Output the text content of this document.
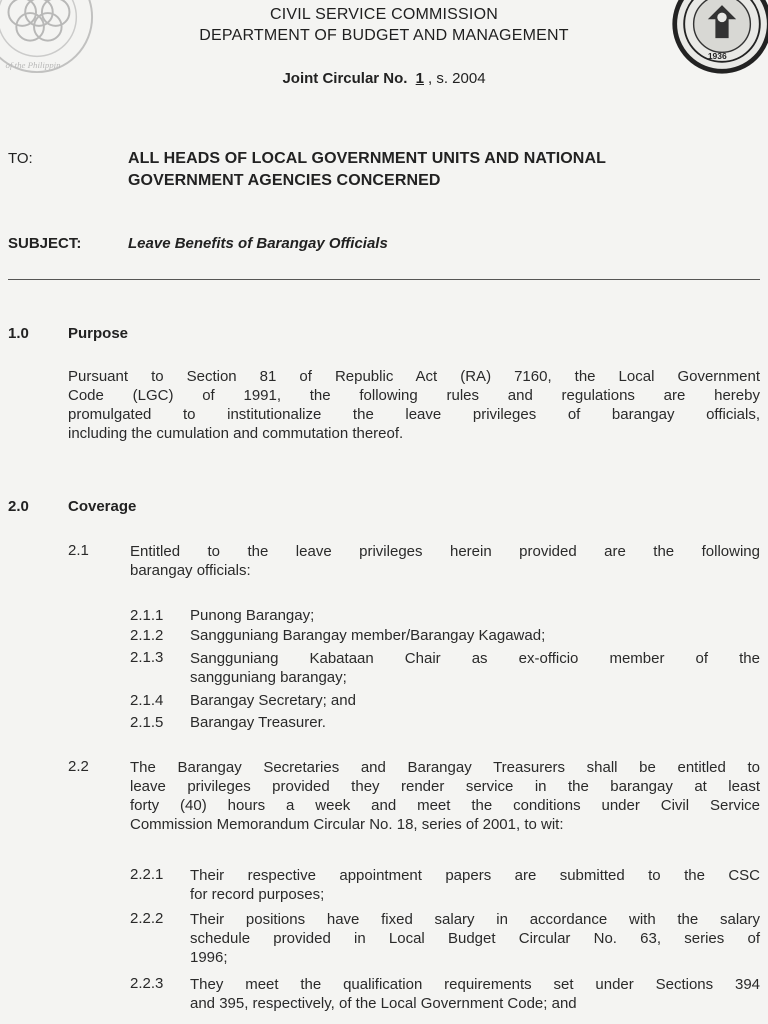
of the Philippin
1936
CIVIL SERVICE COMMISSION
DEPARTMENT OF BUDGET AND MANAGEMENT
Joint Circular No. 1 , s. 2004
TO:	ALL HEADS OF LOCAL GOVERNMENT UNITS AND NATIONAL
GOVERNMENT AGENCIES CONCERNED
SUBJECT:	Leave Benefits of Barangay Officials
1.0	Purpose
Pursuant to Section 81 of Republic Act (RA) 7160, the Local Government
Code (LGC) of 1991, the following rules and regulations are hereby
promulgated to institutionalize the leave privileges of barangay officials,
including the cumulation and commutation thereof.
2.0	Coverage
2.1	Entitled to the leave privileges herein provided are the following
barangay officials:
2.1.1 Punong Barangay;
2.1.2 Sangguniang Barangay member/Barangay Kagawad;
2.1.3 Sangguniang Kabataan Chair as ex-officio member of the
sangguniang barangay;
2.1.4 Barangay Secretary; and
2.1.5 Barangay Treasurer.
2.2	The Barangay Secretaries and Barangay Treasurers shall be entitled to
leave privileges provided they render service in the barangay at least
forty (40) hours a week and meet the conditions under Civil Service
Commission Memorandum Circular No. 18, series of 2001, to wit:
2.2.1 Their respective appointment papers are submitted to the CSC
for record purposes;
2.2.2 Their positions have fixed salary in accordance with the salary
schedule provided in Local Budget Circular No. 63, series of
1996;
2.2.3 They meet the qualification requirements set under Sections 394
and 395, respectively, of the Local Government Code; and
